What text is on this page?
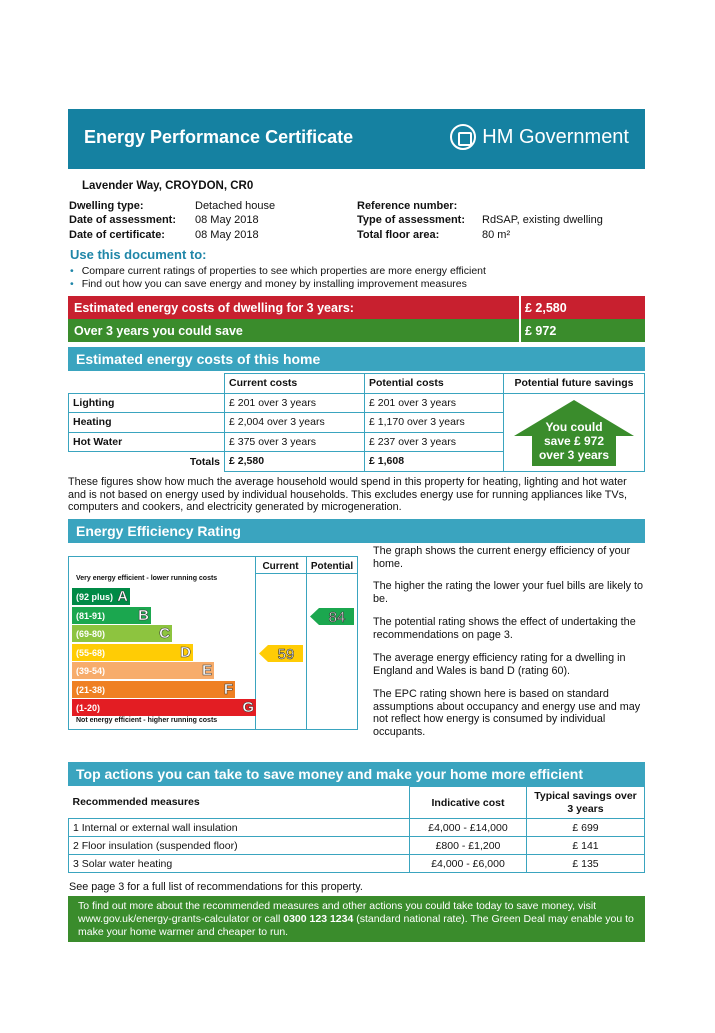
Energy Performance Certificate	HM Government
Lavender Way, CROYDON, CR0
Dwelling type:	Detached house
Date of assessment: 08 May 2018
Date of certificate:	08 May 2018
Reference number:
Type of assessment: RdSAP, existing dwelling
Total floor area:	80 m²
Use this document to:
• Compare current ratings of properties to see which properties are more energy efficient
• Find out how you can save energy and money by installing improvement measures
Estimated energy costs of dwelling for 3 years:	£ 2,580
Over 3 years you could save	£ 972
Estimated energy costs of this home
	Current costs	Potential costs	Potential future savings
Lighting	£ 201 over 3 years	£ 201 over 3 years	You could
save £ 972
over 3 years

Heating	£ 2,004 over 3 years	£ 1,170 over 3 years	
Hot Water	£ 375 over 3 years	£ 237 over 3 years	
Totals	£ 2,580	£ 1,608	
These figures show how much the average household would spend in this property for heating, lighting and hot water and is not based on energy used by individual households. This excludes energy use for running appliances like TVs, computers and cookers, and electricity generated by microgeneration.
Energy Efficiency Rating
Current	Potential
Very energy efficient - lower running costs
Not energy efficient - higher running costs
(92 plus) A
(81-91) B
(69-80)	C
(55-68)	D
(39-54)	E
(21-38)	F
(1-20)	G
59
84
The graph shows the current energy efficiency of your home.
The higher the rating the lower your fuel bills are likely to be.
The potential rating shows the effect of undertaking the recommendations on page 3.
The average energy efficiency rating for a dwelling in England and Wales is band D (rating 60).
The EPC rating shown here is based on standard assumptions about occupancy and energy use and may not reflect how energy is consumed by individual occupants.
Top actions you can take to save money and make your home more efficient
Recommended measures	Indicative cost	Typical savings over 3 years
1 Internal or external wall insulation	£4,000 - £14,000	£ 699
2 Floor insulation (suspended floor)	£800 - £1,200	£ 141
3 Solar water heating	£4,000 - £6,000	£ 135
See page 3 for a full list of recommendations for this property.
To find out more about the recommended measures and other actions you could take today to save money, visit www.gov.uk/energy-grants-calculator or call 0300 123 1234 (standard national rate). The Green Deal may enable you to make your home warmer and cheaper to run.
